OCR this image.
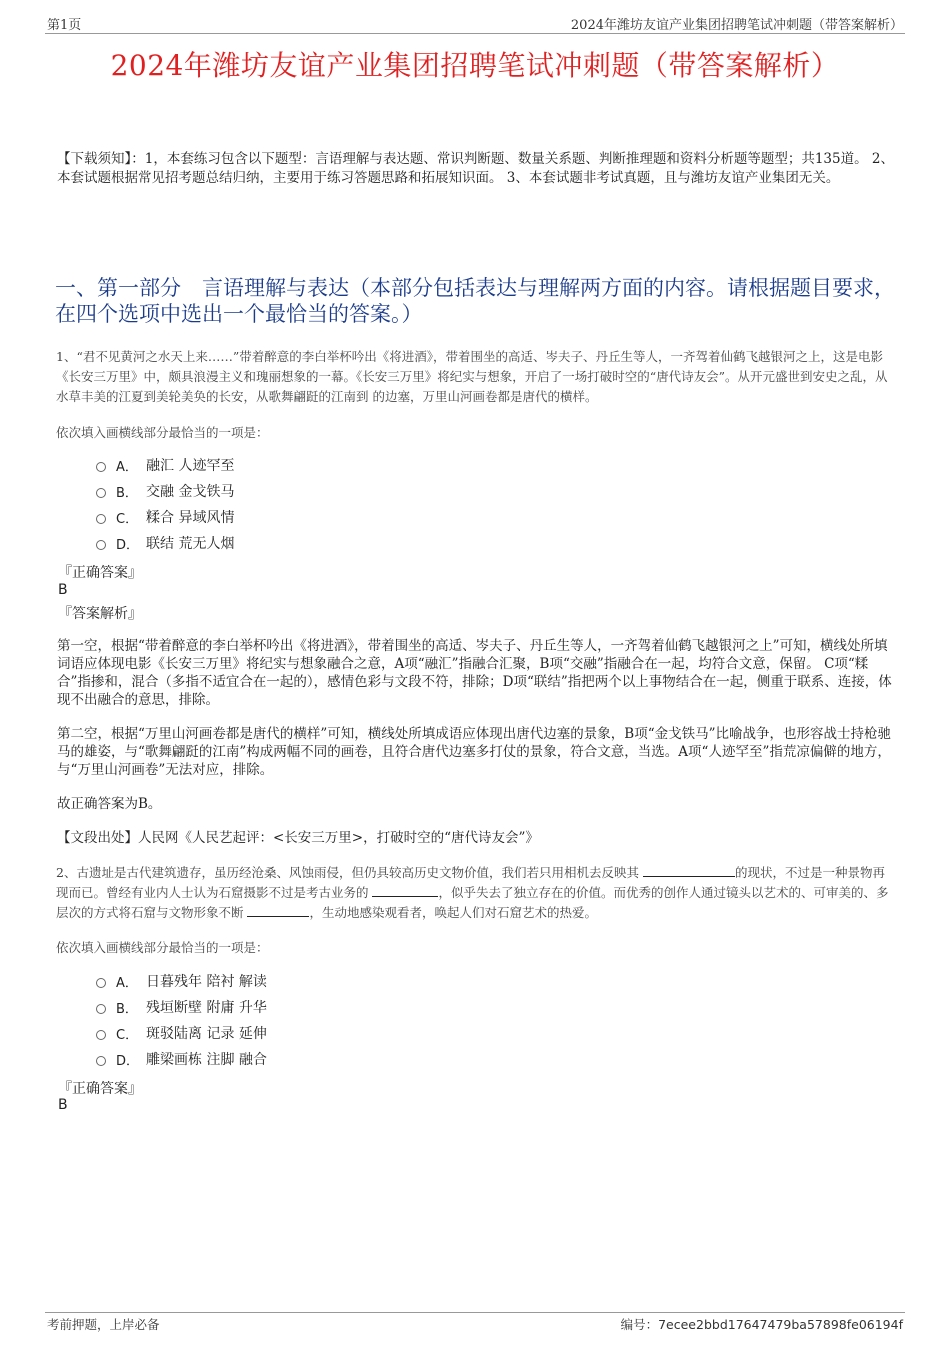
第1页	2024年潍坊友谊产业集团招聘笔试冲刺题（带答案解析）
2024年潍坊友谊产业集团招聘笔试冲刺题（带答案解析）
【下载须知】：1，本套练习包含以下题型：言语理解与表达题、常识判断题、数量关系题、判断推理题和资料分析题等题型；共135道。 2、本套试题根据常见招考题总结归纳，主要用于练习答题思路和拓展知识面。 3、本套试题非考试真题，且与潍坊友谊产业集团无关。
一、第一部分　言语理解与表达（本部分包括表达与理解两方面的内容。请根据题目要求，在四个选项中选出一个最恰当的答案。）
1、“君不见黄河之水天上来……”带着醉意的李白举杯吟出《将进酒》，带着围坐的高适、岑夫子、丹丘生等人，一齐驾着仙鹤飞越银河之上，这是电影《长安三万里》中，颇具浪漫主义和瑰丽想象的一幕。《长安三万里》将纪实与想象，开启了一场打破时空的“唐代诗友会”。从开元盛世到安史之乱，从水草丰美的江夏到美轮美奂的长安，从歌舞翩跹的江南到 的边塞，万里山河画卷都是唐代的横样。
依次填入画横线部分最恰当的一项是：
A． 融汇 人迹罕至
B． 交融 金戈铁马
C． 糅合 异域风情
D． 联结 荒无人烟
『正确答案』
B
『答案解析』
第一空，根据“带着醉意的李白举杯吟出《将进酒》，带着围坐的高适、岑夫子、丹丘生等人，一齐驾着仙鹤飞越银河之上”可知，横线处所填词语应体现电影《长安三万里》将纪实与想象融合之意，A项“融汇”指融合汇聚，B项“交融”指融合在一起，均符合文意，保留。 C项“糅合”指掺和，混合（多指不适宜合在一起的），感情色彩与文段不符，排除；D项“联结”指把两个以上事物结合在一起，侧重于联系、连接，体现不出融合的意思，排除。
第二空，根据“万里山河画卷都是唐代的横样”可知，横线处所填成语应体现出唐代边塞的景象，B项“金戈铁马”比喻战争，也形容战士持枪驰马的雄姿，与“歌舞翩跹的江南”构成两幅不同的画卷，且符合唐代边塞多打仗的景象，符合文意，当选。A项“人迹罕至”指荒凉偏僻的地方，与“万里山河画卷”无法对应，排除。
故正确答案为B。
【文段出处】人民网《人民艺起评：<长安三万里>，打破时空的“唐代诗友会”》
2、古遗址是古代建筑遗存，虽历经沧桑、风蚀雨侵，但仍具较高历史文物价值，我们若只用相机去反映其	的现状，不过是一种景物再现而已。曾经有业内人士认为石窟摄影不过是考古业务的	，似乎失去了独立存在的价值。而优秀的创作人通过镜头以艺术的、可审美的、多层次的方式将石窟与文物形象不断	，生动地感染观看者，唤起人们对石窟艺术的热爱。
依次填入画横线部分最恰当的一项是：
A． 日暮残年 陪衬 解读
B． 残垣断壁 附庸 升华
C． 斑驳陆离 记录 延伸
D． 雕梁画栋 注脚 融合
『正确答案』
B
考前押题，上岸必备	编号：7ecee2bbd17647479ba57898fe06194f
